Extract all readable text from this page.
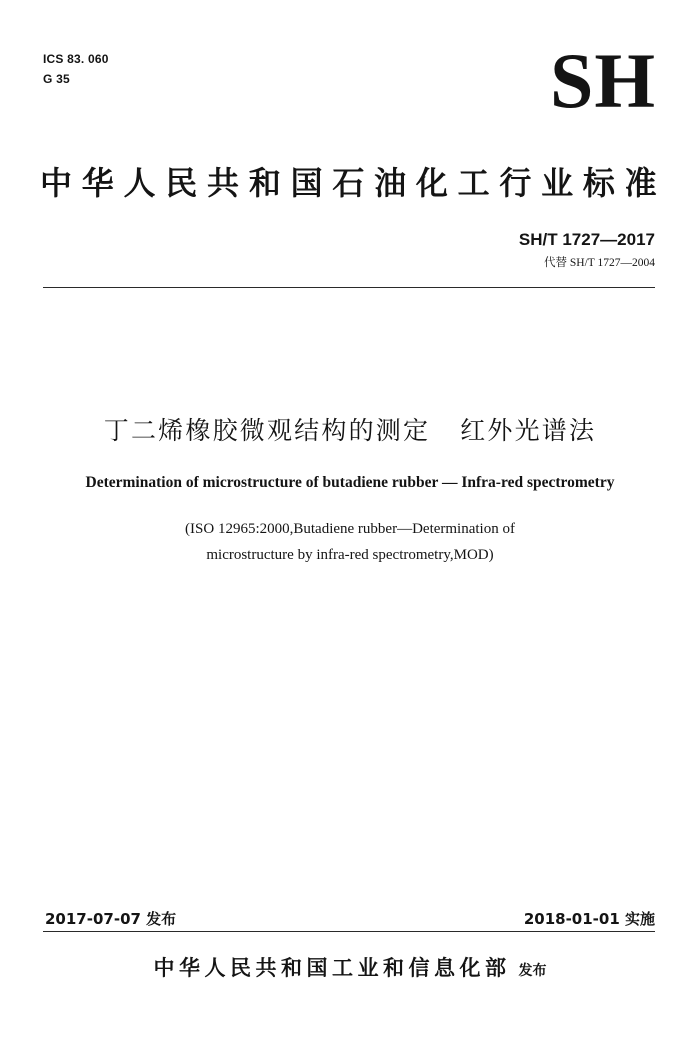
ICS 83. 060
G 35	SH
中华人民共和国石油化工行业标准
SH/T 1727—2017
代替 SH/T 1727—2004
丁二烯橡胶微观结构的测定 红外光谱法
Determination of microstructure of butadiene rubber — Infra-red spectrometry
(ISO 12965:2000,Butadiene rubber—Determination of
microstructure by infra-red spectrometry,MOD)
2017-07-07 发布	2018-01-01 实施
中华人民共和国工业和信息化部 发布
